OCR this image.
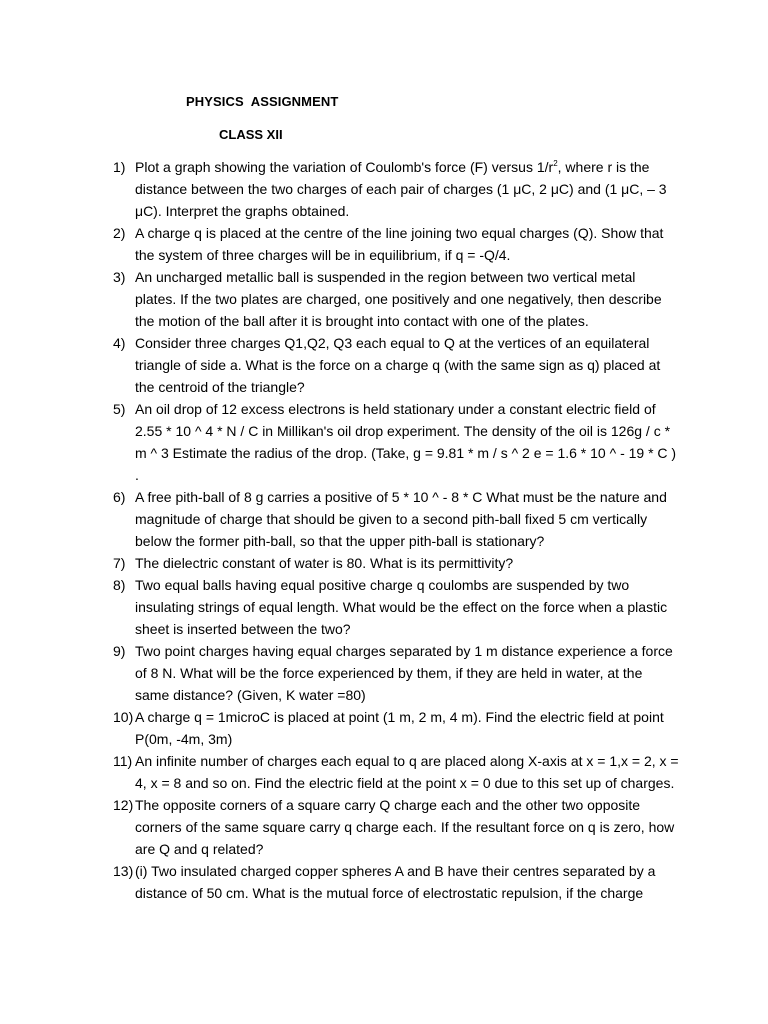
PHYSICS  ASSIGNMENT
CLASS XII
1) Plot a graph showing the variation of Coulomb's force (F) versus $1/r^2$, where r is the distance between the two charges of each pair of charges (1 μC, 2 μC) and (1 μC, – 3 μC). Interpret the graphs obtained.
2) A charge q is placed at the centre of the line joining two equal charges (Q). Show that the system of three charges will be in equilibrium, if q = -Q/4.
3) An uncharged metallic ball is suspended in the region between two vertical metal plates. If the two plates are charged, one positively and one negatively, then describe the motion of the ball after it is brought into contact with one of the plates.
4) Consider three charges Q1,Q2, Q3 each equal to Q at the vertices of an equilateral triangle of side a. What is the force on a charge q (with the same sign as q) placed at the centroid of the triangle?
5) An oil drop of 12 excess electrons is held stationary under a constant electric field of 2.55 * 10 ^ 4 * N / C in Millikan's oil drop experiment. The density of the oil is 126g / c * m ^ 3 Estimate the radius of the drop. (Take, g = 9.81 * m / s ^ 2 e = 1.6 * 10 ^ - 19 * C ) .
6) A free pith-ball of 8 g carries a positive of 5 * 10 ^ - 8 * C What must be the nature and magnitude of charge that should be given to a second pith-ball fixed 5 cm vertically below the former pith-ball, so that the upper pith-ball is stationary?
7) The dielectric constant of water is 80. What is its permittivity?
8) Two equal balls having equal positive charge q coulombs are suspended by two insulating strings of equal length. What would be the effect on the force when a plastic sheet is inserted between the two?
9) Two point charges having equal charges separated by 1 m distance experience a force of 8 N. What will be the force experienced by them, if they are held in water, at the same distance? (Given, K water =80)
10) A charge q = 1microC is placed at point (1 m, 2 m, 4 m). Find the electric field at point P(0m, -4m, 3m)
11) An infinite number of charges each equal to q are placed along X-axis at x = 1,x = 2, x = 4, x = 8 and so on. Find the electric field at the point x = 0 due to this set up of charges.
12) The opposite corners of a square carry Q charge each and the other two opposite corners of the same square carry q charge each. If the resultant force on q is zero, how are Q and q related?
13) (i) Two insulated charged copper spheres A and B have their centres separated by a distance of 50 cm. What is the mutual force of electrostatic repulsion, if the charge
